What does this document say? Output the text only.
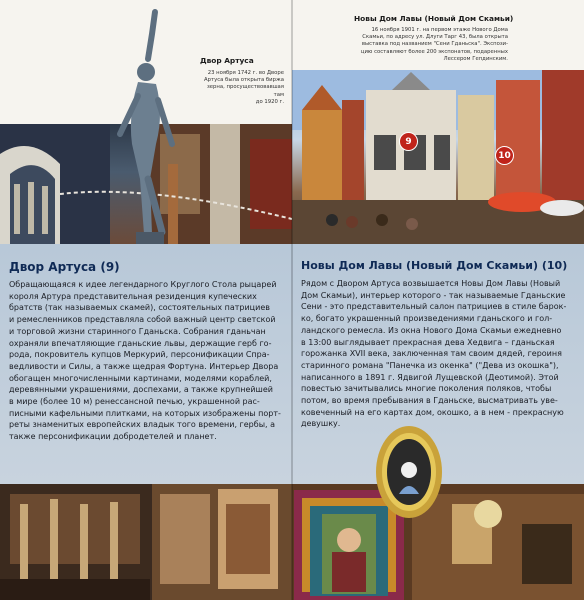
Двор Артуса
23 ноября 1742 г. во Дворе
Артуса была открыта биржа
зерна, просуществовавшая там
до 1920 г.
Двор Артуса (9)
Обращающаяся к идее легендарного Круглого Стола рыцарей
короля Артура представительная резиденция купеческих
братств (так называемых скамей), состоятельных патрициев
и ремесленников представляла собой важный центр светской
и торговой жизни старинного Гданьска. Собрания гданьчан
охраняли впечатляющие гданьские львы, держащие герб го-
рода, покровитель купцов Меркурий, персонификации Спра-
ведливости и Силы, а также щедрая Фортуна. Интерьер Двора
обогащен многочисленными картинами, моделями кораблей,
деревянными украшениями, доспехами, а также крупнейшей
в мире (более 10 м) ренессансной печью, украшенной рас-
писными кафельными плитками, на которых изображены порт-
реты знаменитых европейских владык того времени, гербы, а
также персонификации добродетелей и планет.
Новы Дом Лавы (Новый Дом Скамьи)
16 ноября 1901 г. на первом этаже Нового Дома
Скамьи, по адресу ул. Длуги Тарг 43, была открыта
выставка под названием "Сени Гданьска". Экспози-
цию составляют более 200 экспонатов, подаренных
Лессером Гепдинским.
9
10
Новы Дом Лавы (Новый Дом Скамьи) (10)
Рядом с Двором Артуса возвышается Новы Дом Лавы (Новый
Дом Скамьи), интерьер которого - так называемые Гданьские
Сени - это представительный салон патрициев в стиле барок-
ко, богато украшенный произведениями гданьского и гол-
ландского ремесла. Из окна Нового Дома Скамьи ежедневно
в 13:00 выглядывает прекрасная дева Хедвига – гданьская
горожанка XVII века, заключенная там своим дядей, героиня
старинного романа "Панечка из окенка" ("Дева из окошка"),
написанного в 1891 г. Ядвигой Лущевской (Деотимой). Этой
повестью зачитывались многие поколения поляков, чтобы
потом, во время пребывания в Гданьске, высматривать уве-
ковеченный на его картах дом, окошко, а в нем - прекрасную
девушку.
